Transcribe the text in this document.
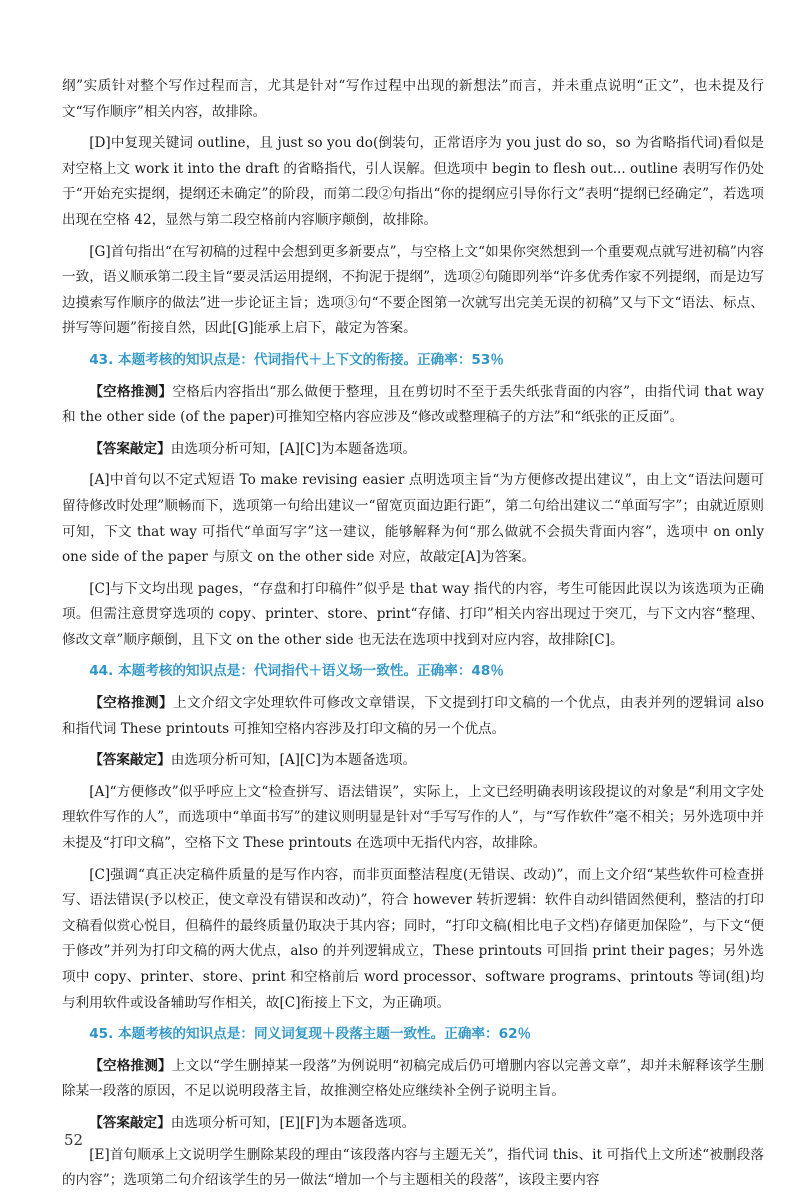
纲”实质针对整个写作过程而言，尤其是针对“写作过程中出现的新想法”而言，并未重点说明“正文”，也未提及行文“写作顺序”相关内容，故排除。

[D]中复现关键词 outline，且 just so you do(倒装句，正常语序为 you just do so，so 为省略指代词)看似是对空格上文 work it into the draft 的省略指代，引人误解。但选项中 begin to flesh out... outline 表明写作仍处于“开始充实提纲，提纲还未确定”的阶段，而第二段②句指出“你的提纲应引导你行文”表明“提纲已经确定”，若选项出现在空格 42，显然与第二段空格前内容顺序颠倒，故排除。

[G]首句指出“在写初稿的过程中会想到更多新要点”，与空格上文“如果你突然想到一个重要观点就写进初稿”内容一致，语义顺承第二段主旨“要灵活运用提纲，不拘泥于提纲”，选项②句随即列举“许多优秀作家不列提纲，而是边写边摸索写作顺序的做法”进一步论证主旨；选项③句“不要企图第一次就写出完美无误的初稿”又与下文“语法、标点、拼写等问题”衔接自然，因此[G]能承上启下，敲定为答案。

43. 本题考核的知识点是：代词指代＋上下文的衔接。正确率：53％

【空格推测】空格后内容指出“那么做便于整理，且在剪切时不至于丢失纸张背面的内容”，由指代词 that way 和 the other side (of the paper)可推知空格内容应涉及“修改或整理稿子的方法”和“纸张的正反面”。

【答案敲定】由选项分析可知，[A][C]为本题备选项。

[A]中首句以不定式短语 To make revising easier 点明选项主旨“为方便修改提出建议”，由上文“语法问题可留待修改时处理”顺畅而下，选项第一句给出建议一“留宽页面边距行距”，第二句给出建议二“单面写字”；由就近原则可知，下文 that way 可指代“单面写字”这一建议，能够解释为何“那么做就不会损失背面内容”，选项中 on only one side of the paper 与原文 on the other side 对应，故敲定[A]为答案。

[C]与下文均出现 pages，“存盘和打印稿件”似乎是 that way 指代的内容，考生可能因此误以为该选项为正确项。但需注意贯穿选项的 copy、printer、store、print“存储、打印”相关内容出现过于突兀，与下文内容“整理、修改文章”顺序颠倒，且下文 on the other side 也无法在选项中找到对应内容，故排除[C]。

44. 本题考核的知识点是：代词指代＋语义场一致性。正确率：48％

【空格推测】上文介绍文字处理软件可修改文章错误，下文提到打印文稿的一个优点，由表并列的逻辑词 also 和指代词 These printouts 可推知空格内容涉及打印文稿的另一个优点。

【答案敲定】由选项分析可知，[A][C]为本题备选项。

[A]“方便修改”似乎呼应上文“检查拼写、语法错误”，实际上，上文已经明确表明该段提议的对象是“利用文字处理软件写作的人”，而选项中“单面书写”的建议则明显是针对“手写写作的人”，与“写作软件”毫不相关；另外选项中并未提及“打印文稿”，空格下文 These printouts 在选项中无指代内容，故排除。

[C]强调“真正决定稿件质量的是写作内容，而非页面整洁程度(无错误、改动)”，而上文介绍“某些软件可检查拼写、语法错误(予以校正，使文章没有错误和改动)”，符合 however 转折逻辑：软件自动纠错固然便利，整洁的打印文稿看似赏心悦目，但稿件的最终质量仍取决于其内容；同时，“打印文稿(相比电子文档)存储更加保险”，与下文“便于修改”并列为打印文稿的两大优点，also 的并列逻辑成立，These printouts 可回指 print their pages；另外选项中 copy、printer、store、print 和空格前后 word processor、software programs、printouts 等词(组)均与利用软件或设备辅助写作相关，故[C]衔接上下文，为正确项。

45. 本题考核的知识点是：同义词复现＋段落主题一致性。正确率：62％

【空格推测】上文以“学生删掉某一段落”为例说明“初稿完成后仍可增删内容以完善文章”，却并未解释该学生删除某一段落的原因，不足以说明段落主旨，故推测空格处应继续补全例子说明主旨。

【答案敲定】由选项分析可知，[E][F]为本题备选项。

[E]首句顺承上文说明学生删除某段的理由“该段落内容与主题无关”，指代词 this、it 可指代上文所述“被删段落的内容”；选项第二句介绍该学生的另一做法“增加一个与主题相关的段落”，该段主要内容

52
